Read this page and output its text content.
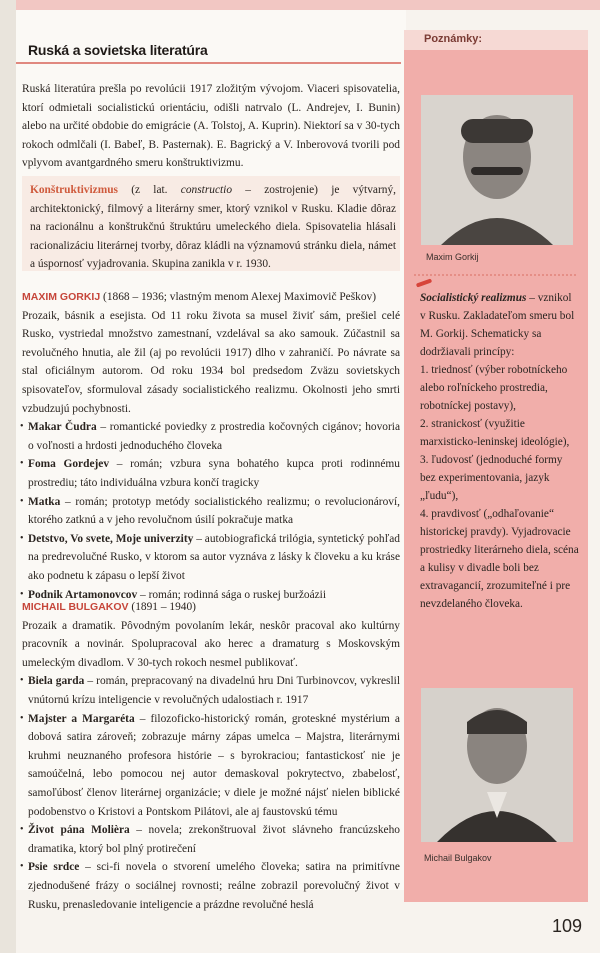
Poznámky:
Ruská a sovietska literatúra
Ruská literatúra prešla po revolúcii 1917 zložitým vývojom. Viaceri spisovatelia, ktorí odmietali socialistickú orientáciu, odišli natrvalo (L. Andrejev, I. Bunin) alebo na určité obdobie do emigrácie (A. Tolstoj, A. Kuprin). Niektorí sa v 30-tych rokoch odmlčali (I. Babeľ, B. Pasternak). E. Bagrický a V. Inberovová tvorili pod vplyvom avantgardného smeru konštruktivizmu.
Konštruktivizmus (z lat. constructio – zostrojenie) je výtvarný, architektonický, filmový a literárny smer, ktorý vznikol v Rusku. Kladie dôraz na racionálnu a konštrukčnú štruktúru umeleckého diela. Spisovatelia hlásali racionalizáciu literárnej tvorby, dôraz kládli na významovú stránku diela, námet a úspornosť vyjadrovania. Skupina zanikla v r. 1930.
MAXIM GORKIJ (1868 – 1936; vlastným menom Alexej Maximovič Peškov)
Prozaik, básnik a esejista. Od 11 roku života sa musel živiť sám, prešiel celé Rusko, vystriedal množstvo zamestnaní, vzdelával sa ako samouk. Zúčastnil sa revolučného hnutia, ale žil (aj po revolúcii 1917) dlho v zahraničí. Po návrate sa stal oficiálnym autorom. Od roku 1934 bol predsedom Zväzu sovietskych spisovateľov, sformuloval zásady socialistického realizmu. Okolnosti jeho smrti vzbudzujú pochybnosti.
• Makar Čudra – romantické poviedky z prostredia kočovných cigánov; hovoria o voľnosti a hrdosti jednoduchého človeka
• Foma Gordejev – román; vzbura syna bohatého kupca proti rodinnému prostrediu; táto individuálna vzbura končí tragicky
• Matka – román; prototyp metódy socialistického realizmu; o revolucionároví, ktorého zatknú a v jeho revolučnom úsilí pokračuje matka
• Detstvo, Vo svete, Moje univerzity – autobiografická trilógia, syntetický pohľad na predrevolučné Rusko, v ktorom sa autor vyznáva z lásky k človeku a ku kráse ako podnetu k zápasu o lepší život
• Podnik Artamonovcov – román; rodinná sága o ruskej buržoázii
MICHAIL BULGAKOV (1891 – 1940)
Prozaik a dramatik. Pôvodným povolaním lekár, neskôr pracoval ako kultúrny pracovník a novinár. Spolupracoval ako herec a dramaturg s Moskovským umeleckým divadlom. V 30-tych rokoch nesmel publikovať.
• Biela garda – román, prepracovaný na divadelnú hru Dni Turbinovcov, vykreslil vnútornú krízu inteligencie v revolučných udalostiach r. 1917
• Majster a Margaréta – filozoficko-historický román, groteskné mystérium a dobová satira zároveň; zobrazuje márny zápas umelca – Majstra, literárnymi kruhmi neuznaného profesora histórie – s byrokraciou; fantastickosť nie je samoúčelná, lebo pomocou nej autor demaskoval pokrytectvo, zbabelosť, samoľúbosť členov literárnej organizácie; v diele je možné nájsť nielen biblické podobenstvo o Kristovi a Pontskom Pilátovi, ale aj faustovskú tému
• Život pána Molièra – novela; zrekonštruoval život slávneho francúzskeho dramatika, ktorý bol plný protirečení
• Psie srdce – sci-fi novela o stvorení umelého človeka; satira na primitívne zjednodušené frázy o sociálnej rovnosti; reálne zobrazil porevolučný život v Rusku, prenasledovanie inteligencie a prázdne revolučné heslá
Maxim Gorkij
Socialistický realizmus – vznikol v Rusku. Zakladateľom smeru bol M. Gorkij. Schematicky sa dodržiavali princípy:
1. triednosť (výber robotníckeho alebo roľníckeho prostredia, robotníckej postavy),
2. stranickosť (využitie marxisticko-leninskej ideológie),
3. ľudovosť (jednoduché formy bez experimentovania, jazyk „ľudu“),
4. pravdivosť („odhaľovanie“ historickej pravdy). Vyjadrovacie prostriedky literárneho diela, scéna a kulisy v divadle boli bez extravagancií, zrozumiteľné i pre nevzdelaného človeka.
Michail Bulgakov
109
